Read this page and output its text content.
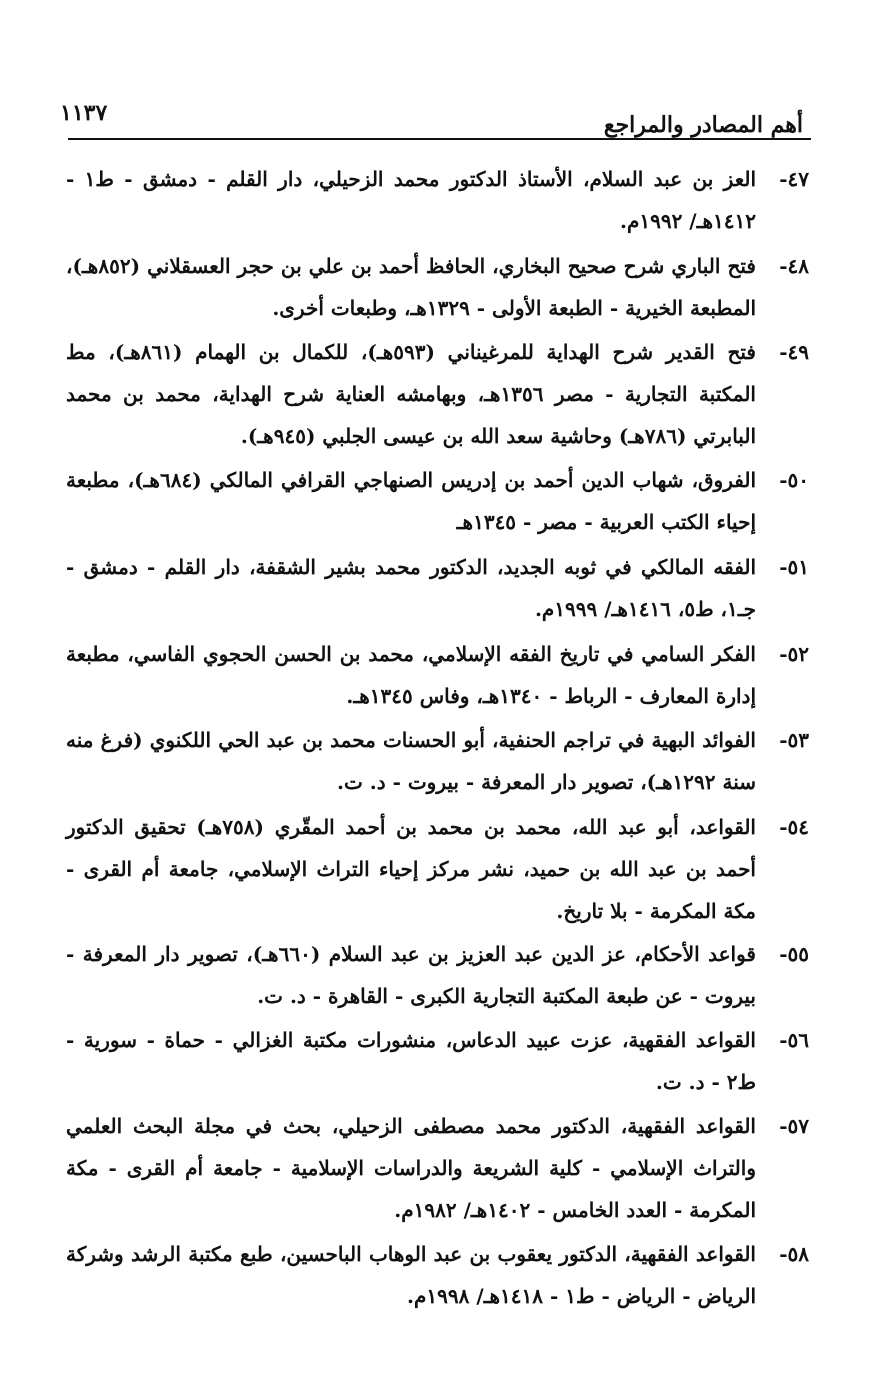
أهم المصادر والمراجع
١١٣٧
٤٧-
العز بن عبد السلام، الأستاذ الدكتور محمد الزحيلي، دار القلم - دمشق - ط١ - ١٤١٢هـ/ ١٩٩٢م.
٤٨-
فتح الباري شرح صحيح البخاري، الحافظ أحمد بن علي بن حجر العسقلاني (٨٥٢هـ)، المطبعة الخيرية - الطبعة الأولى - ١٣٢٩هـ، وطبعات أخرى.
٤٩-
فتح القدير شرح الهداية للمرغيناني (٥٩٣هـ)، للكمال بن الهمام (٨٦١هـ)، مط المكتبة التجارية - مصر ١٣٥٦هـ، وبهامشه العناية شرح الهداية، محمد بن محمد البابرتي (٧٨٦هـ) وحاشية سعد الله بن عيسى الجلبي (٩٤٥هـ).
٥٠-
الفروق، شهاب الدين أحمد بن إدريس الصنهاجي القرافي المالكي (٦٨٤هـ)، مطبعة إحياء الكتب العربية - مصر - ١٣٤٥هـ
٥١-
الفقه المالكي في ثوبه الجديد، الدكتور محمد بشير الشقفة، دار القلم - دمشق - جـ١، ط٥، ١٤١٦هـ/ ١٩٩٩م.
٥٢-
الفكر السامي في تاريخ الفقه الإسلامي، محمد بن الحسن الحجوي الفاسي، مطبعة إدارة المعارف - الرباط - ١٣٤٠هـ، وفاس ١٣٤٥هـ.
٥٣-
الفوائد البهية في تراجم الحنفية، أبو الحسنات محمد بن عبد الحي اللكنوي (فرغ منه سنة ١٢٩٢هـ)، تصوير دار المعرفة - بيروت - د. ت.
٥٤-
القواعد، أبو عبد الله، محمد بن محمد بن أحمد المقّري (٧٥٨هـ) تحقيق الدكتور أحمد بن عبد الله بن حميد، نشر مركز إحياء التراث الإسلامي، جامعة أم القرى - مكة المكرمة - بلا تاريخ.
٥٥-
قواعد الأحكام، عز الدين عبد العزيز بن عبد السلام (٦٦٠هـ)، تصوير دار المعرفة - بيروت - عن طبعة المكتبة التجارية الكبرى - القاهرة - د. ت.
٥٦-
القواعد الفقهية، عزت عبيد الدعاس، منشورات مكتبة الغزالي - حماة - سورية - ط٢ - د. ت.
٥٧-
القواعد الفقهية، الدكتور محمد مصطفى الزحيلي، بحث في مجلة البحث العلمي والتراث الإسلامي - كلية الشريعة والدراسات الإسلامية - جامعة أم القرى - مكة المكرمة - العدد الخامس - ١٤٠٢هـ/ ١٩٨٢م.
٥٨-
القواعد الفقهية، الدكتور يعقوب بن عبد الوهاب الباحسين، طبع مكتبة الرشد وشركة الرياض - الرياض - ط١ - ١٤١٨هـ/ ١٩٩٨م.
